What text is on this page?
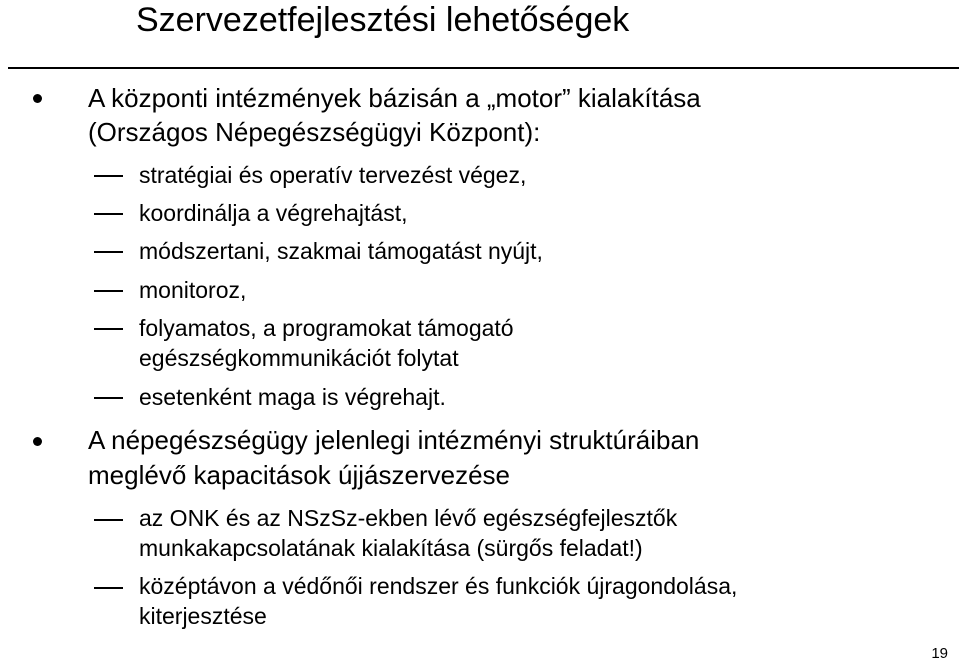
Szervezetfejlesztési lehetőségek
A központi intézmények bázisán a „motor” kialakítása
(Országos Népegészségügyi Központ):
stratégiai és operatív tervezést végez,
koordinálja a végrehajtást,
módszertani, szakmai támogatást nyújt,
monitoroz,
folyamatos, a programokat támogató
egészségkommunikációt folytat
esetenként maga is végrehajt.
A népegészségügy jelenlegi intézményi struktúráiban
meglévő kapacitások újjászervezése
az ONK és az NSzSz-ekben lévő egészségfejlesztők
munkakapcsolatának kialakítása (sürgős feladat!)
középtávon a védőnői rendszer és funkciók újragondolása,
kiterjesztése
19
